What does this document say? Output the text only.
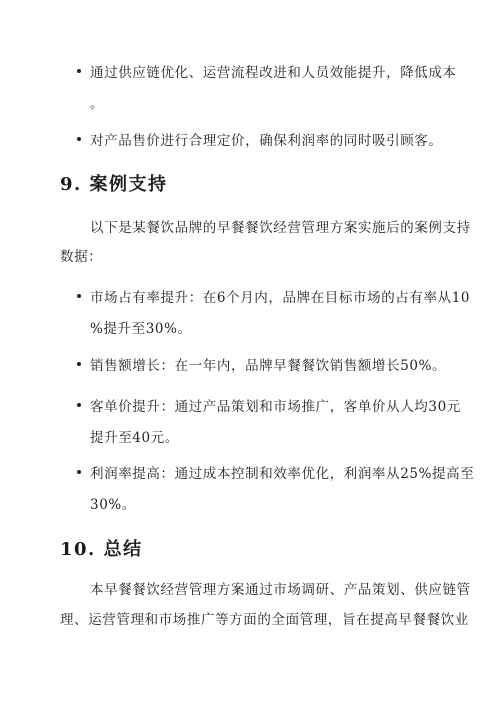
通过供应链优化、运营流程改进和人员效能提升，降低成本
。
对产品售价进行合理定价，确保利润率的同时吸引顾客。
9. 案例支持
以下是某餐饮品牌的早餐餐饮经营管理方案实施后的案例支持
数据：
市场占有率提升：在6个月内，品牌在目标市场的占有率从10
%提升至30%。
销售额增长：在一年内，品牌早餐餐饮销售额增长50%。
客单价提升：通过产品策划和市场推广，客单价从人均30元
提升至40元。
利润率提高：通过成本控制和效率优化，利润率从25%提高至
30%。
10. 总结
本早餐餐饮经营管理方案通过市场调研、产品策划、供应链管
理、运营管理和市场推广等方面的全面管理，旨在提高早餐餐饮业
